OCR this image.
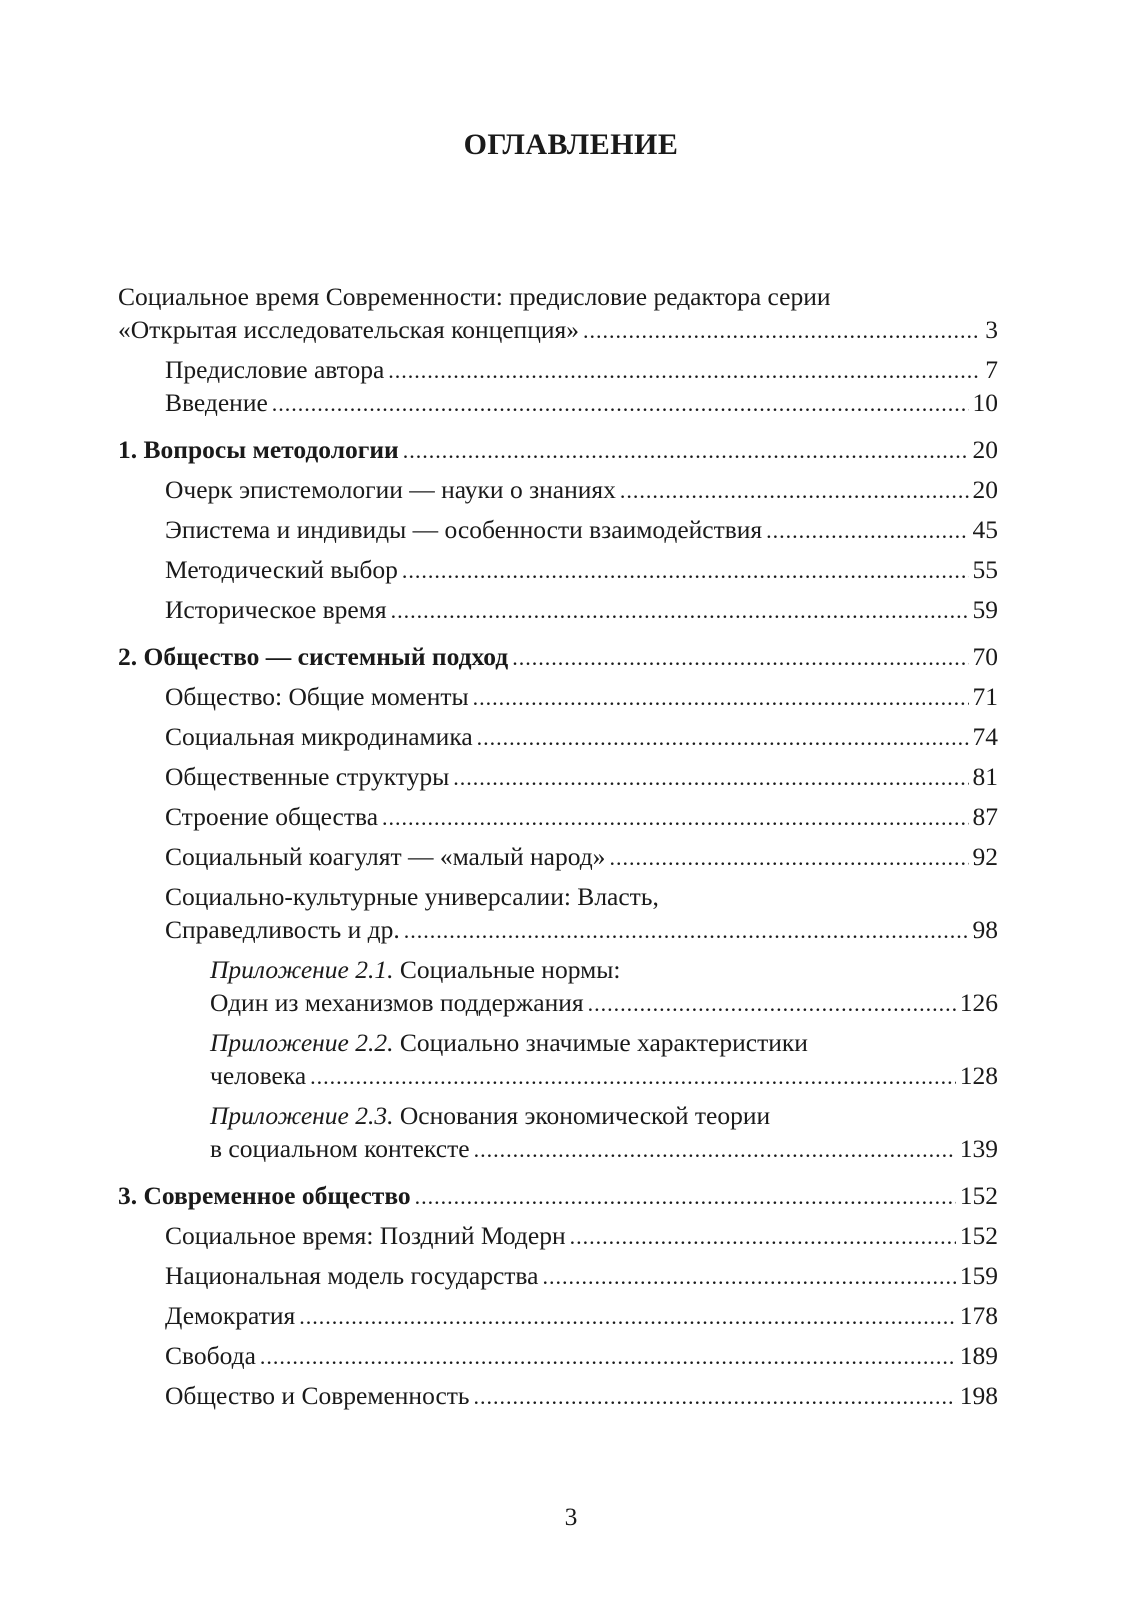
ОГЛАВЛЕНИЕ
Социальное время Современности: предисловие редактора серии
«Открытая исследовательская концепция» .....	3
Предисловие автора .....	7
Введение .....	10
1. Вопросы методологии .....	20
Очерк эпистемологии — науки о знаниях .....	20
Эпистема и индивиды — особенности взаимодействия .....	45
Методический выбор .....	55
Историческое время .....	59
2. Общество — системный подход .....	70
Общество: Общие моменты .....	71
Социальная микродинамика .....	74
Общественные структуры .....	81
Строение общества .....	87
Социальный коагулят — «малый народ» .....	92
Социально-культурные универсалии: Власть,
Справедливость и др. .....	98
Приложение 2.1. Социальные нормы:
Один из механизмов поддержания .....	126
Приложение 2.2. Социально значимые характеристики
человека .....	128
Приложение 2.3. Основания экономической теории
в социальном контексте .....	139
3. Современное общество .....	152
Социальное время: Поздний Модерн .....	152
Национальная модель государства .....	159
Демократия .....	178
Свобода .....	189
Общество и Современность .....	198
3
